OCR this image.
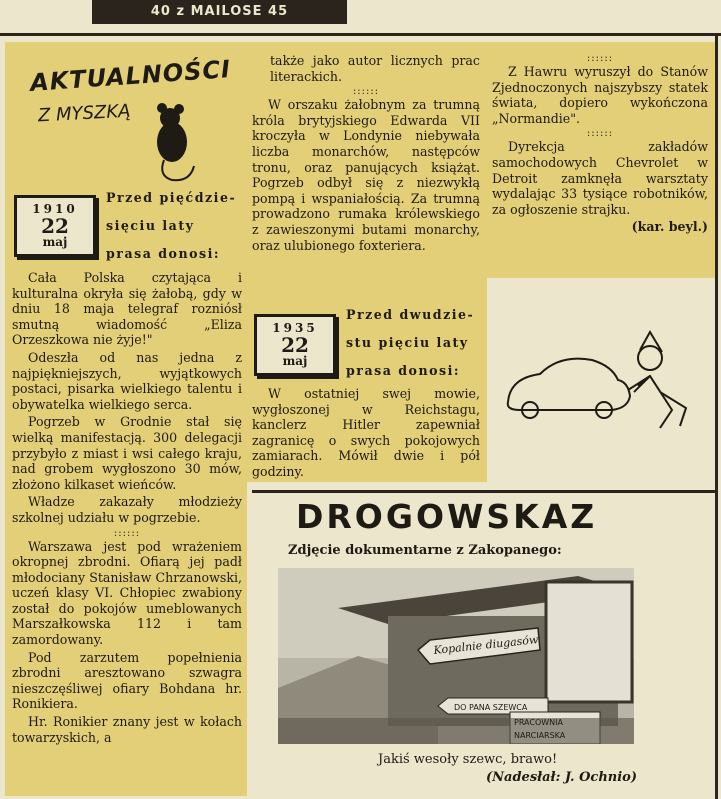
40 z MAILOSE 45
AKTUALNOŚCI
Z MYSZKĄ
1910
22
maj
Przed pięćdzie-
sięciu laty
prasa donosi:

Cała Polska czytająca i kulturalna okryła się żałobą, gdy w dniu 18 maja telegraf rozniósł smutną wiadomość „Eliza Orzeszkowa nie żyje!"

Odeszła od nas jedna z najpiękniejszych, wyjątkowych postaci, pisarka wielkiego talentu i obywatelka wielkiego serca.

Pogrzeb w Grodnie stał się wielką manifestacją. 300 delegacji przybyło z miast i wsi całego kraju, nad grobem wygłoszono 30 mów, złożono kilkaset wieńców.

Władze zakazały młodzieży szkolnej udziału w pogrzebie.

::::::

Warszawa jest pod wrażeniem okropnej zbrodni. Ofiarą jej padł młodociany Stanisław Chrzanowski, uczeń klasy VI. Chłopiec zwabiony został do pokojów umeblowanych Marszałkowska 112 i tam zamordowany.

Pod zarzutem popełnienia zbrodni aresztowano szwagra nieszczęśliwej ofiary Bohdana hr. Ronikiera.

Hr. Ronikier znany jest w kołach towarzyskich, a

także jako autor licznych prac literackich.

::::::

W orszaku żałobnym za trumną króla brytyjskiego Edwarda VII kroczyła w Londynie niebywała liczba monarchów, następców tronu, oraz panujących książąt. Pogrzeb odbył się z niezwykłą pompą i wspaniałością. Za trumną prowadzono rumaka królewskiego z zawieszonymi butami monarchy, oraz ulubionego foxteriera.

1935
22
maj
Przed dwudzie-
stu pięciu laty
prasa donosi:

W ostatniej swej mowie, wygłoszonej w Reichstagu, kanclerz Hitler zapewniał zagranicę o swych pokojowych zamiarach. Mówił dwie i pół godziny.

::::::

Z Hawru wyruszył do Stanów Zjednoczonych najszybszy statek świata, dopiero wykończona „Normandie".

::::::

Dyrekcja zakładów samochodowych Chevrolet w Detroit zamknęła warsztaty wydalając 33 tysiące robotników, za ogłoszenie strajku.

(kar. beyl.)

DROGOWSKAZ
Zdjęcie dokumentarne z Zakopanego:
Kopalnie diugasów
DO PANA SZEWCA
PRACOWNIA
NARCIARSKA
Jakiś wesoły szewc, brawo!
(Nadesłał: J. Ochnio)
